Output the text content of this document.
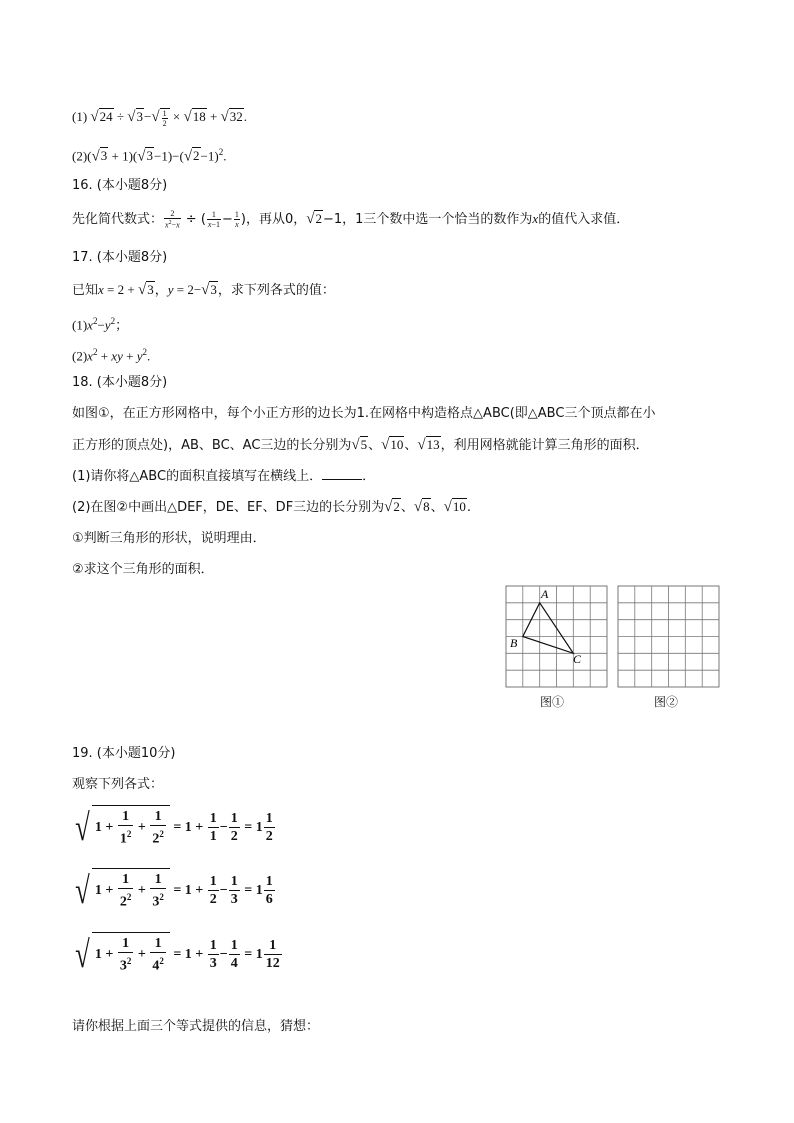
(1) $√24 \div √3-√ \frac{1}{2} \times √18 + √32$.
$(2)(√3 + 1)(√3-1)-(√2-1)^2$.
16. (本小题8分)
先化简代数式： $\frac{2}{x^2-x}$ ÷ ( $\frac{1}{x-1} - \frac{1}{x}$ )，再从0，√2−1，1三个数中选一个恰当的数作为x的值代入求值．
17. (本小题8分)
已知x = 2 + √3，y = 2−√3，求下列各式的值：
$(1)x^2-y^2$；
$(2)x^2$ + xy + $y^2$.
18. (本小题8分)
如图①，在正方形网格中，每个小正方形的边长为1.在网格中构造格点△ABC(即△ABC三个顶点都在小
正方形的顶点处)，AB、BC、AC三边的长分别为√5、√10、√13，利用网格就能计算三角形的面积．
(1)请你将△ABC的面积直接填写在横线上．	．
(2)在图②中画出△DEF，DE、EF、DF三边的长分别为√2、√8、√10.
①判断三角形的形状，说明理由．
②求这个三角形的面积．
A
B
C
图①	图②
19. (本小题10分)
观察下列各式：
√ $1 + \frac{1}{1^2} + \frac{1}{2^2} = 1 + \frac{1}{1} - \frac{1}{2} = 1 \frac{1}{2}$
√ $1 + \frac{1}{2^2} + \frac{1}{3^2} = 1 + \frac{1}{2} - \frac{1}{3} = 1 \frac{1}{6}$
√ $1 + \frac{1}{3^2} + \frac{1}{4^2} = 1 + \frac{1}{3} - \frac{1}{4} = 1 \frac{1}{12}$
请你根据上面三个等式提供的信息，猜想：
